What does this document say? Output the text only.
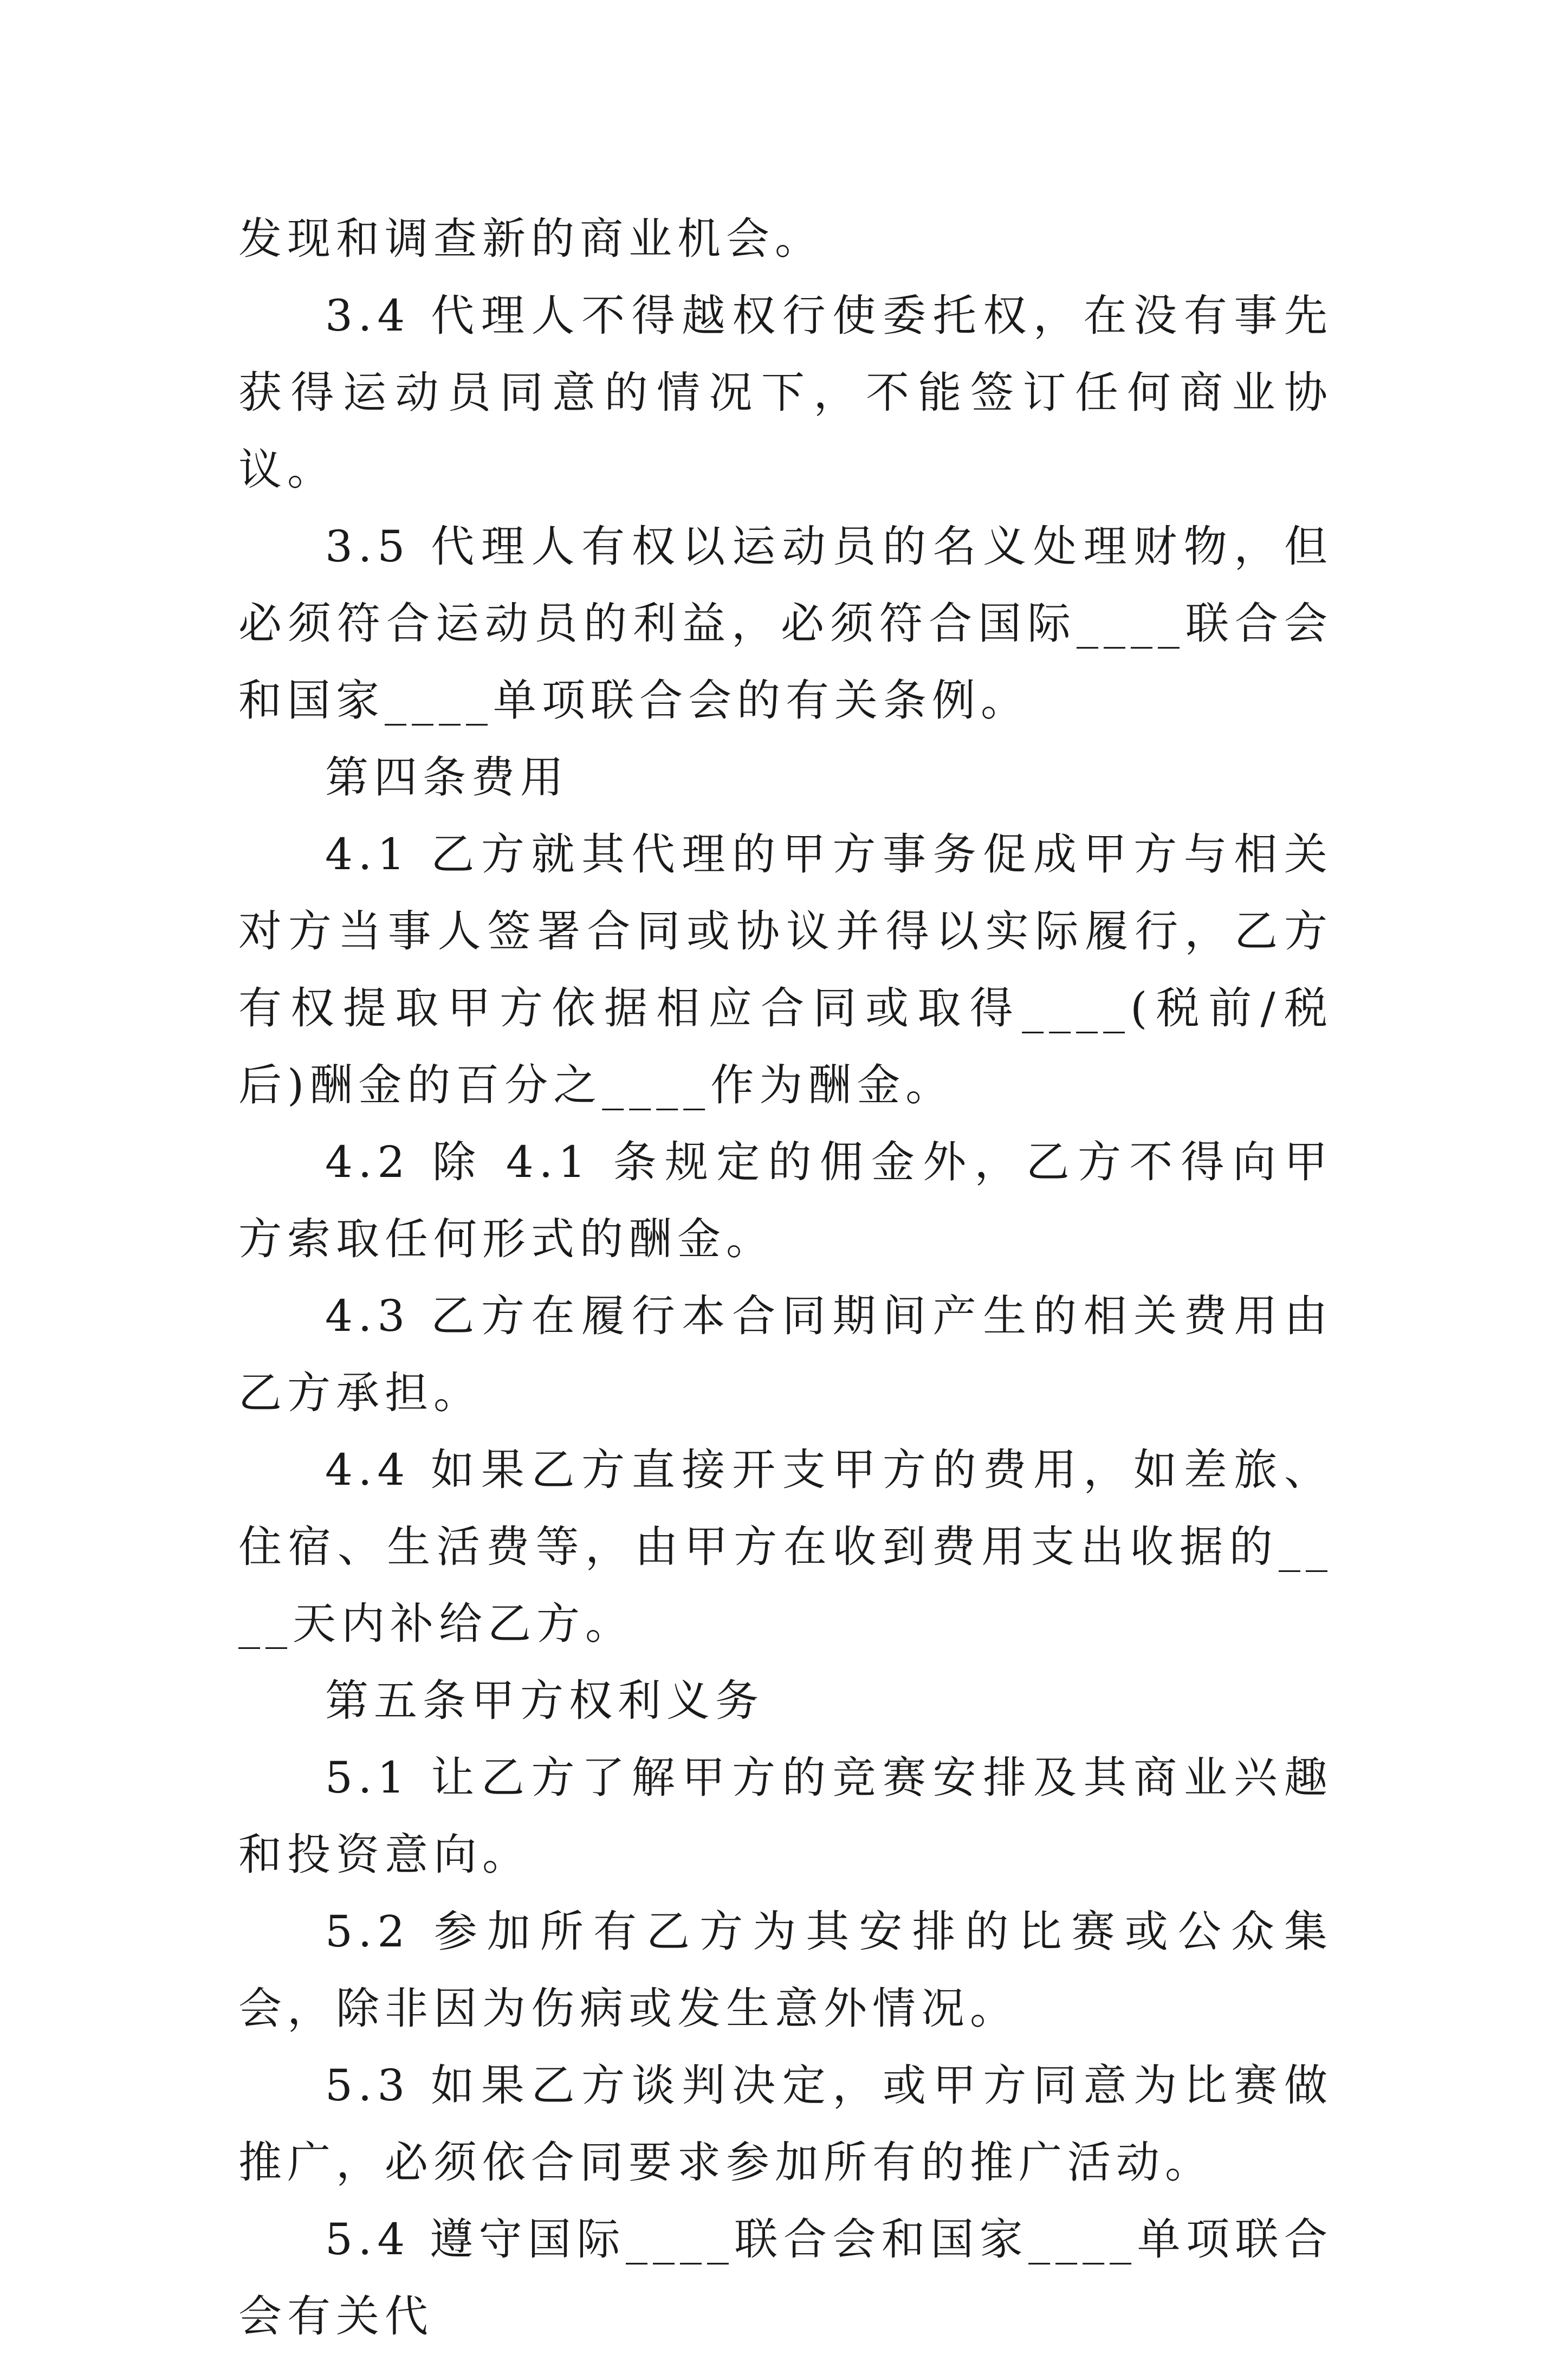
发现和调查新的商业机会。

3.4 代理人不得越权行使委托权，在没有事先获得运动员同意的情况下，不能签订任何商业协议。

3.5 代理人有权以运动员的名义处理财物，但必须符合运动员的利益，必须符合国际____联合会和国家____单项联合会的有关条例。

第四条费用

4.1 乙方就其代理的甲方事务促成甲方与相关对方当事人签署合同或协议并得以实际履行，乙方有权提取甲方依据相应合同或取得____(税前/税后)酬金的百分之____作为酬金。

4.2 除 4.1 条规定的佣金外，乙方不得向甲方索取任何形式的酬金。

4.3 乙方在履行本合同期间产生的相关费用由乙方承担。

4.4 如果乙方直接开支甲方的费用，如差旅、住宿、生活费等，由甲方在收到费用支出收据的____天内补给乙方。

第五条甲方权利义务

5.1 让乙方了解甲方的竞赛安排及其商业兴趣和投资意向。

5.2 参加所有乙方为其安排的比赛或公众集会，除非因为伤病或发生意外情况。

5.3 如果乙方谈判决定，或甲方同意为比赛做推广，必须依合同要求参加所有的推广活动。

5.4 遵守国际____联合会和国家____单项联合会有关代
